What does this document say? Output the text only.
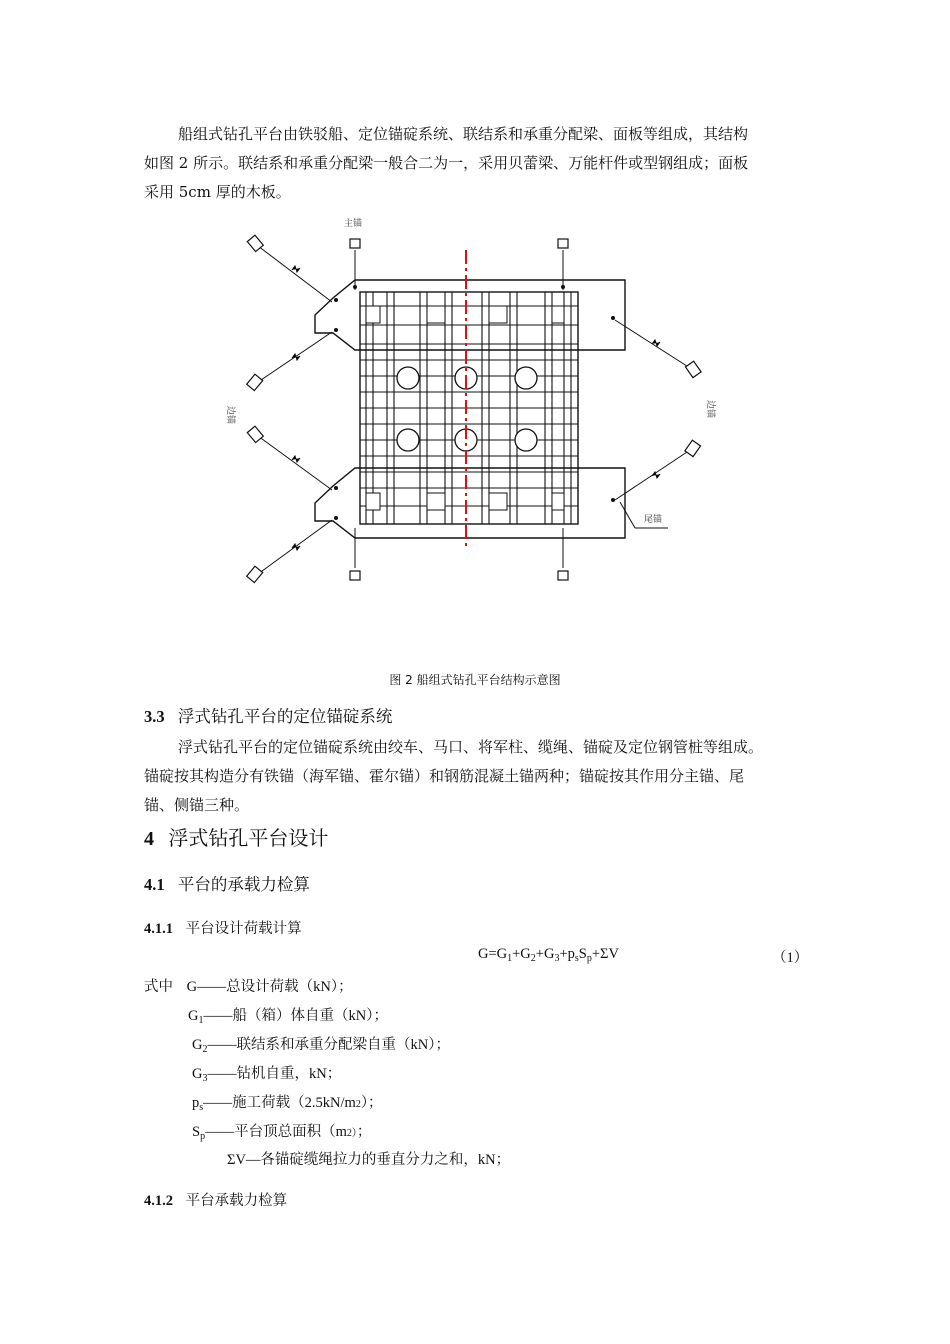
船组式钻孔平台由铁驳船、定位锚碇系统、联结系和承重分配梁、面板等组成，其结构

如图 2 所示。联结系和承重分配梁一般合二为一，采用贝蕾梁、万能杆件或型钢组成；面板

采用 5cm 厚的木板。

主锚
边锚	边锚
尾锚
图 2 船组式钻孔平台结构示意图
3.3 浮式钻孔平台的定位锚碇系统

浮式钻孔平台的定位锚碇系统由绞车、马口、将军柱、缆绳、锚碇及定位钢管桩等组成。

锚碇按其构造分有铁锚（海军锚、霍尔锚）和钢筋混凝土锚两种；锚碇按其作用分主锚、尾

锚、侧锚三种。

4 浮式钻孔平台设计
4.1 平台的承载力检算
4.1.1 平台设计荷载计算
$G=G_1+G_2+G_3+p_sS_p+\Sigma V$	（1）
式中 G——总设计荷载（kN）；
$G_1——$船（箱）体自重（kN）；
$G_2——$联结系和承重分配梁自重（kN）；
$G_3——$钻机自重，kN；
$p_s——$施工荷载（2.5kN/m2）；
$S_p——$平台顶总面积（m2）；
ΣV—各锚碇缆绳拉力的垂直分力之和，kN；
4.1.2 平台承载力检算
